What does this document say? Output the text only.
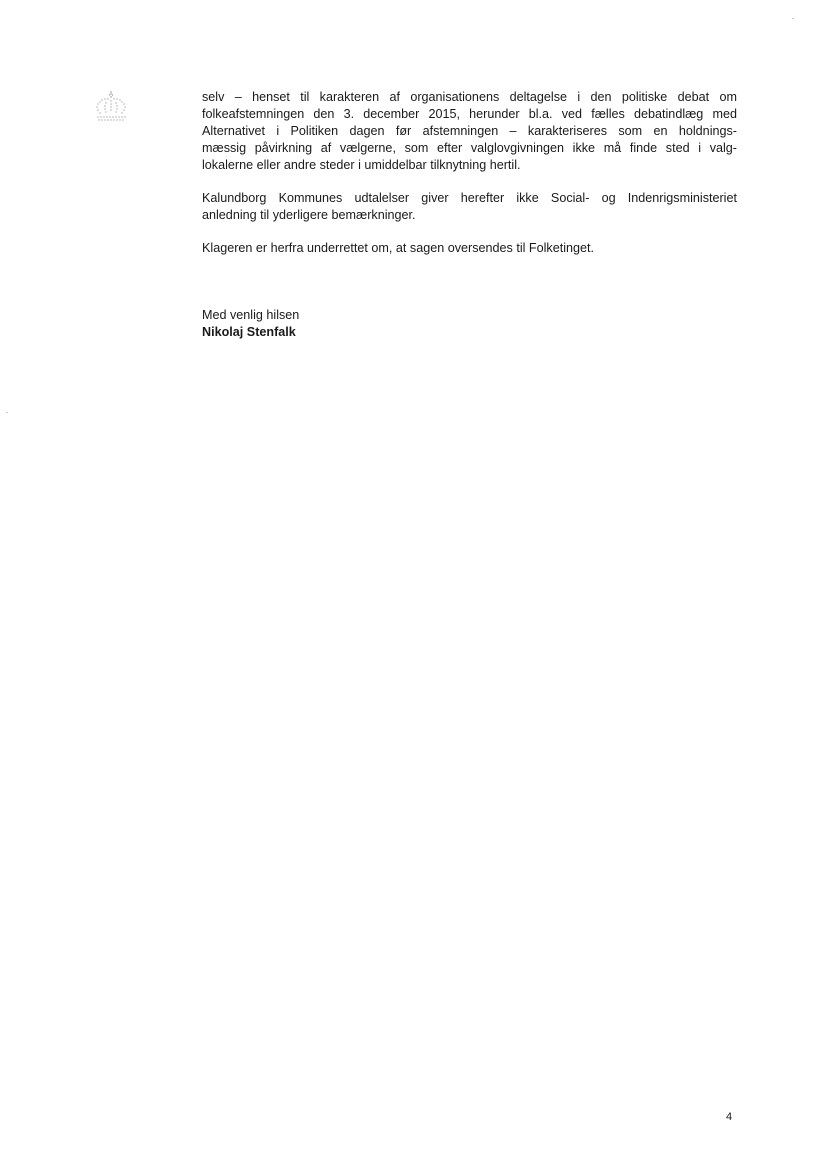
selv – henset til karakteren af organisationens deltagelse i den politiske debat om
folkeafstemningen den 3. december 2015, herunder bl.a. ved fælles debatindlæg med
Alternativet i Politiken dagen før afstemningen – karakteriseres som en holdnings-
mæssig påvirkning af vælgerne, som efter valglovgivningen ikke må finde sted i valg-
lokalerne eller andre steder i umiddelbar tilknytning hertil.

Kalundborg Kommunes udtalelser giver herefter ikke Social- og Indenrigsministeriet
anledning til yderligere bemærkninger.

Klageren er herfra underrettet om, at sagen oversendes til Folketinget.

Med venlig hilsen
Nikolaj Stenfalk
4
